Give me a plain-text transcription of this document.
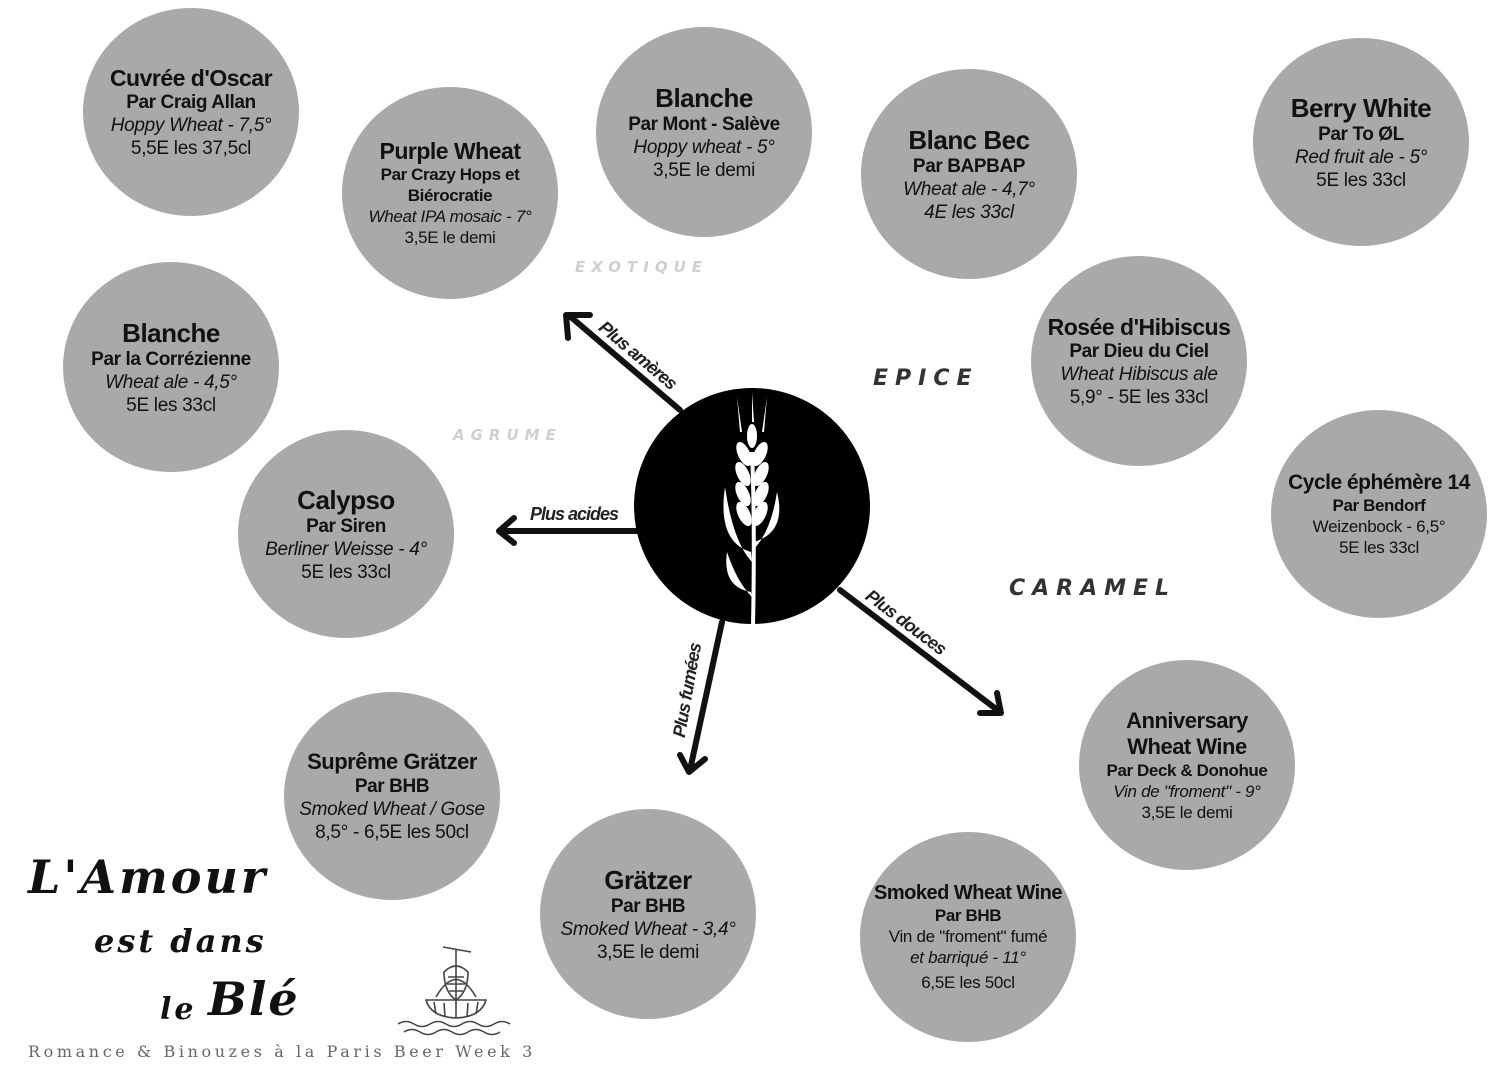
EXOTIQUE
AGRUME
EPICE
CARAMEL
Plus amères
Plus acides
Plus fumées
Plus douces
Cuvrée d'Oscar
Par Craig Allan
Hoppy Wheat - 7,5°
5,5E les 37,5cl	Purple Wheat
Par Crazy Hops et Biérocratie
Wheat IPA mosaic - 7°
3,5E le demi
Blanche
Par Mont - Salève
Hoppy wheat - 5°
3,5E le demi
Blanc Bec
Par BAPBAP
Wheat ale - 4,7°
4E les 33cl
Berry White
Par To ØL
Red fruit ale - 5°
5E les 33cl
Blanche
Par la Corrézienne
Wheat ale - 4,5°
5E les 33cl
Rosée d'Hibiscus
Par Dieu du Ciel
Wheat Hibiscus ale
5,9° - 5E les 33cl
Calypso
Par Siren
Berliner Weisse - 4°
5E les 33cl
Cycle éphémère 14
Par Bendorf
Weizenbock - 6,5°
5E les 33cl
Anniversary Wheat Wine
Par Deck & Donohue
Vin de "froment" - 9°
3,5E le demi
Suprême Grätzer
Par BHB
Smoked Wheat / Gose
8,5° - 6,5E les 50cl
Grätzer
Par BHB
Smoked Wheat - 3,4°
3,5E le demi
Smoked Wheat Wine
Par BHB
Vin de "froment" fumé
et barriqué - 11°
6,5E les 50cl
L'Amour
est dans
le Blé
Romance & Binouzes à la Paris Beer Week 3
